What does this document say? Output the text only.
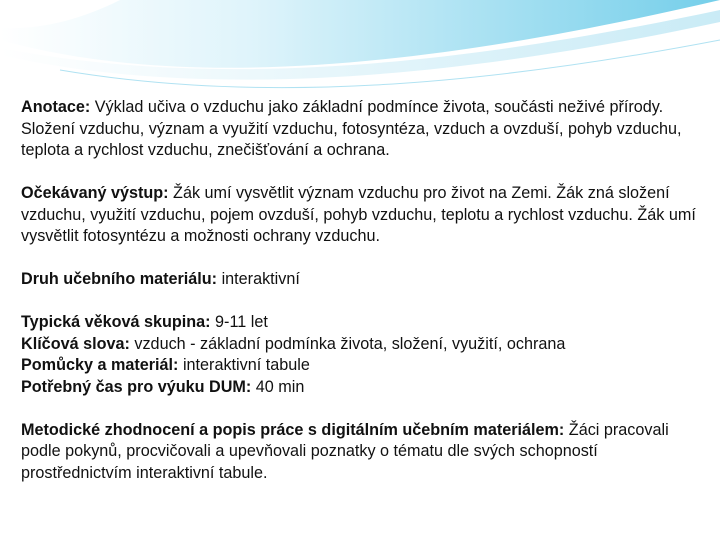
Anotace: Výklad učiva o vzduchu jako základní podmínce života, součásti neživé přírody. Složení vzduchu, význam a využití vzduchu, fotosyntéza, vzduch a ovzduší, pohyb vzduchu, teplota a rychlost vzduchu, znečišťování a ochrana.
Očekávaný výstup: Žák umí vysvětlit význam vzduchu pro život na Zemi. Žák zná složení vzduchu, využití vzduchu, pojem ovzduší, pohyb vzduchu, teplotu a rychlost vzduchu. Žák umí vysvětlit fotosyntézu a možnosti ochrany vzduchu.
Druh učebního materiálu: interaktivní
Typická věková skupina: 9-11 let
Klíčová slova: vzduch - základní podmínka života, složení, využití, ochrana
Pomůcky a materiál: interaktivní tabule
Potřebný čas pro výuku DUM: 40 min
Metodické zhodnocení a popis práce s digitálním učebním materiálem: Žáci pracovali podle pokynů, procvičovali a upevňovali poznatky o tématu dle svých schopností prostřednictvím interaktivní tabule.
